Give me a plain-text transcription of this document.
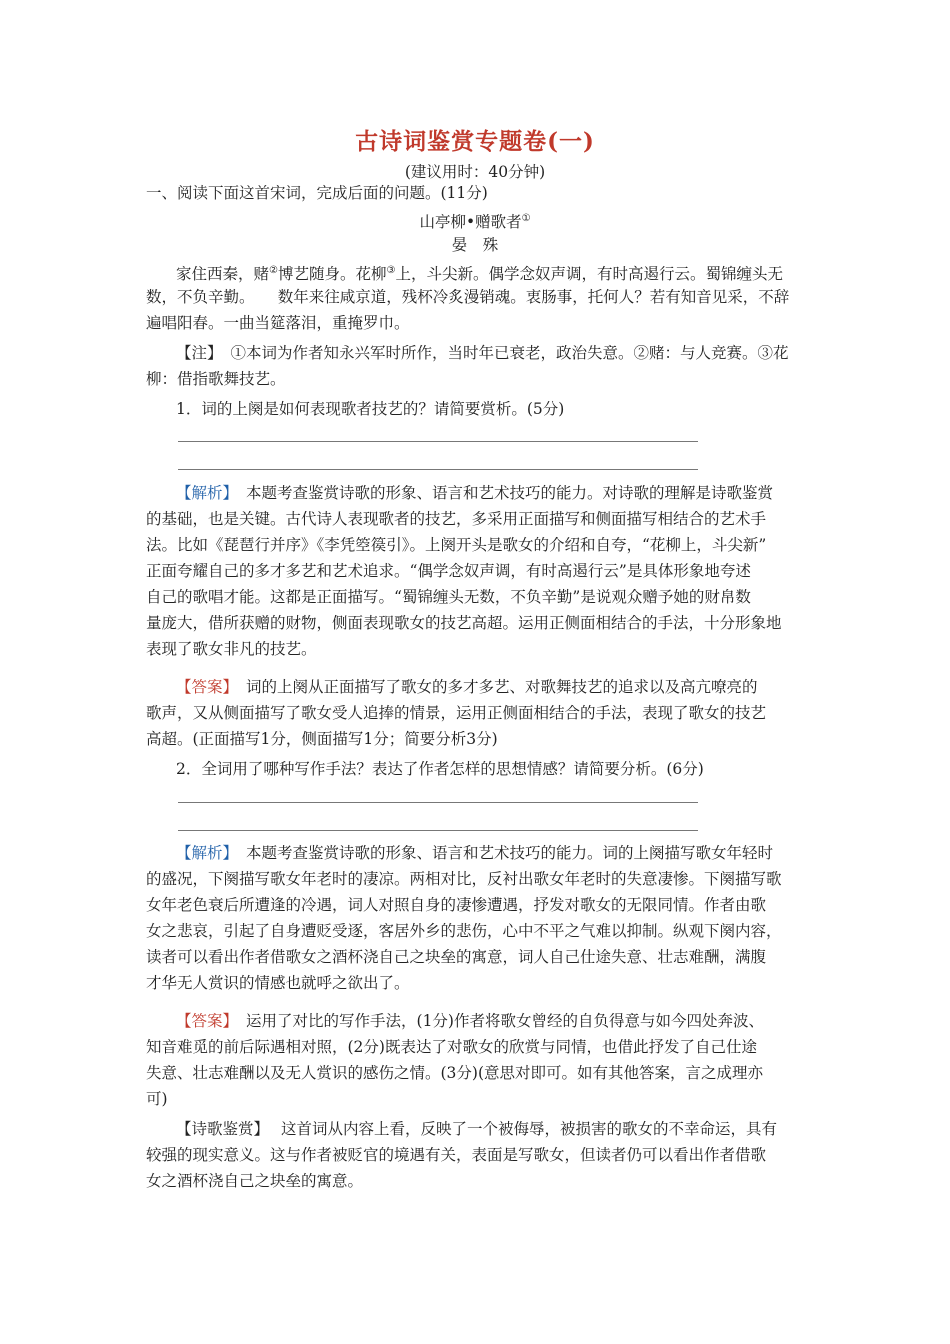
古诗词鉴赏专题卷(一)
(建议用时：40分钟)
一、阅读下面这首宋词，完成后面的问题。(11分)
山亭柳•赠歌者①
晏　殊
家住西秦，赌②博艺随身。花柳③上，斗尖新。偶学念奴声调，有时高遏行云。蜀锦缠头无
数，不负辛勤。　　数年来往咸京道，残杯冷炙漫销魂。衷肠事，托何人？若有知音见采，不辞
遍唱阳春。一曲当筵落泪，重掩罗巾。
【注】 ①本词为作者知永兴军时所作，当时年已衰老，政治失意。②赌：与人竞赛。③花
柳：借指歌舞技艺。
1．词的上阕是如何表现歌者技艺的？请简要赏析。(5分)
【解析】 本题考查鉴赏诗歌的形象、语言和艺术技巧的能力。对诗歌的理解是诗歌鉴赏
的基础，也是关键。古代诗人表现歌者的技艺，多采用正面描写和侧面描写相结合的艺术手
法。比如《琵琶行并序》《李凭箜篌引》。上阕开头是歌女的介绍和自夸，“花柳上，斗尖新”
正面夸耀自己的多才多艺和艺术追求。“偶学念奴声调，有时高遏行云”是具体形象地夸述
自己的歌唱才能。这都是正面描写。“蜀锦缠头无数，不负辛勤”是说观众赠予她的财帛数
量庞大，借所获赠的财物，侧面表现歌女的技艺高超。运用正侧面相结合的手法，十分形象地
表现了歌女非凡的技艺。
【答案】 词的上阕从正面描写了歌女的多才多艺、对歌舞技艺的追求以及高亢嘹亮的
歌声，又从侧面描写了歌女受人追捧的情景，运用正侧面相结合的手法，表现了歌女的技艺
高超。(正面描写1分，侧面描写1分；简要分析3分)
2．全词用了哪种写作手法？表达了作者怎样的思想情感？请简要分析。(6分)
【解析】 本题考查鉴赏诗歌的形象、语言和艺术技巧的能力。词的上阕描写歌女年轻时
的盛况，下阕描写歌女年老时的凄凉。两相对比，反衬出歌女年老时的失意凄惨。下阕描写歌
女年老色衰后所遭逢的冷遇，词人对照自身的凄惨遭遇，抒发对歌女的无限同情。作者由歌
女之悲哀，引起了自身遭贬受逐，客居外乡的悲伤，心中不平之气难以抑制。纵观下阕内容，
读者可以看出作者借歌女之酒杯浇自己之块垒的寓意，词人自己仕途失意、壮志难酬，满腹
才华无人赏识的情感也就呼之欲出了。
【答案】 运用了对比的写作手法，(1分)作者将歌女曾经的自负得意与如今四处奔波、
知音难觅的前后际遇相对照，(2分)既表达了对歌女的欣赏与同情，也借此抒发了自己仕途
失意、壮志难酬以及无人赏识的感伤之情。(3分)(意思对即可。如有其他答案，言之成理亦
可)
【诗歌鉴赏】 这首词从内容上看，反映了一个被侮辱，被损害的歌女的不幸命运，具有
较强的现实意义。这与作者被贬官的境遇有关，表面是写歌女，但读者仍可以看出作者借歌
女之酒杯浇自己之块垒的寓意。
